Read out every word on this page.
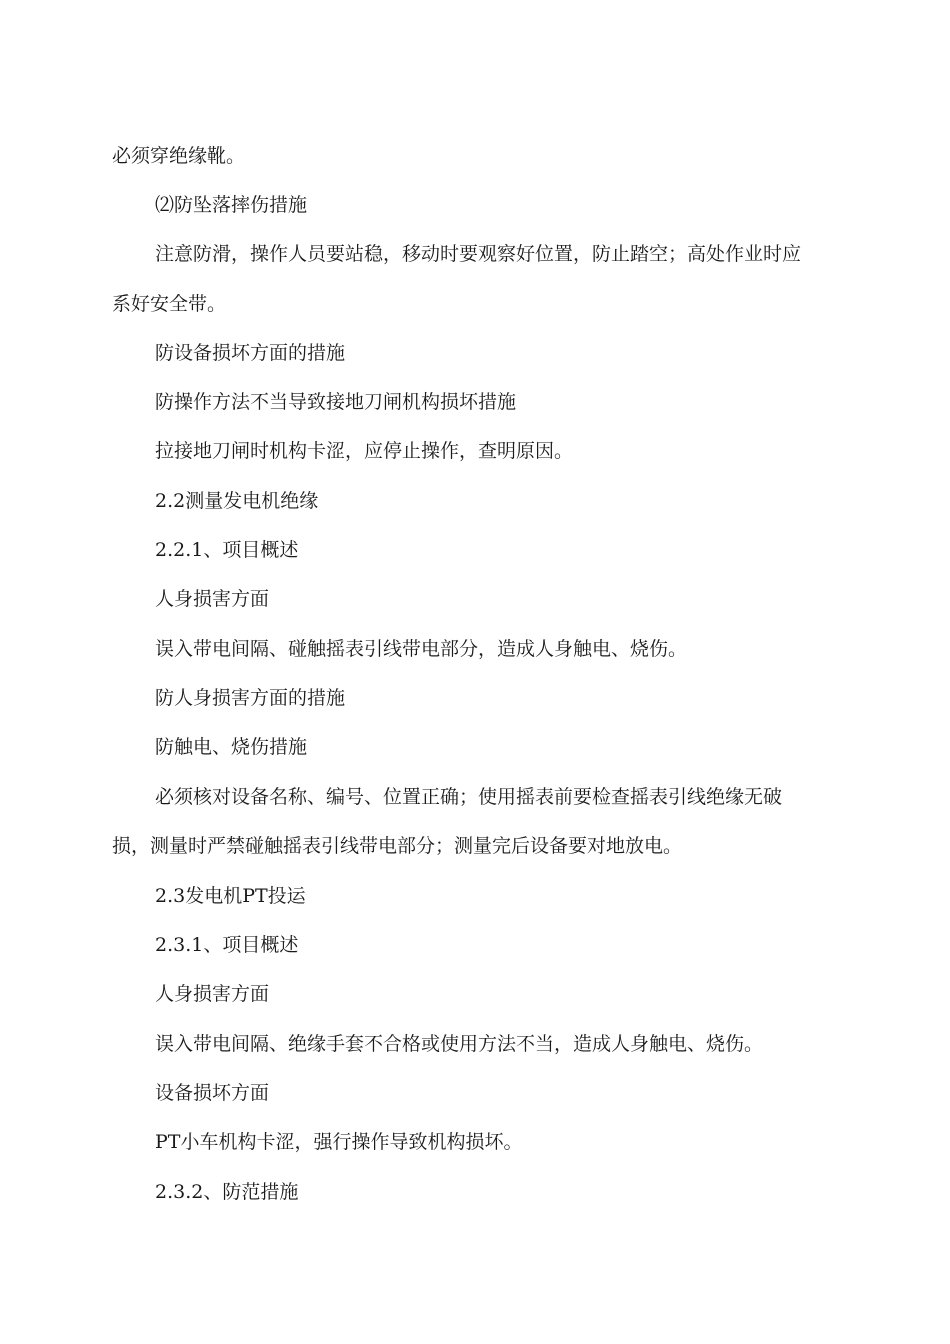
必须穿绝缘靴。

⑵防坠落摔伤措施

注意防滑，操作人员要站稳，移动时要观察好位置，防止踏空；高处作业时应

系好安全带。

防设备损坏方面的措施

防操作方法不当导致接地刀闸机构损坏措施

拉接地刀闸时机构卡涩，应停止操作，查明原因。

2.2测量发电机绝缘

2.2.1、项目概述

人身损害方面

误入带电间隔、碰触摇表引线带电部分，造成人身触电、烧伤。

防人身损害方面的措施

防触电、烧伤措施

必须核对设备名称、编号、位置正确；使用摇表前要检查摇表引线绝缘无破

损，测量时严禁碰触摇表引线带电部分；测量完后设备要对地放电。

2.3发电机PT投运

2.3.1、项目概述

人身损害方面

误入带电间隔、绝缘手套不合格或使用方法不当，造成人身触电、烧伤。

设备损坏方面

PT小车机构卡涩，强行操作导致机构损坏。

2.3.2、防范措施
